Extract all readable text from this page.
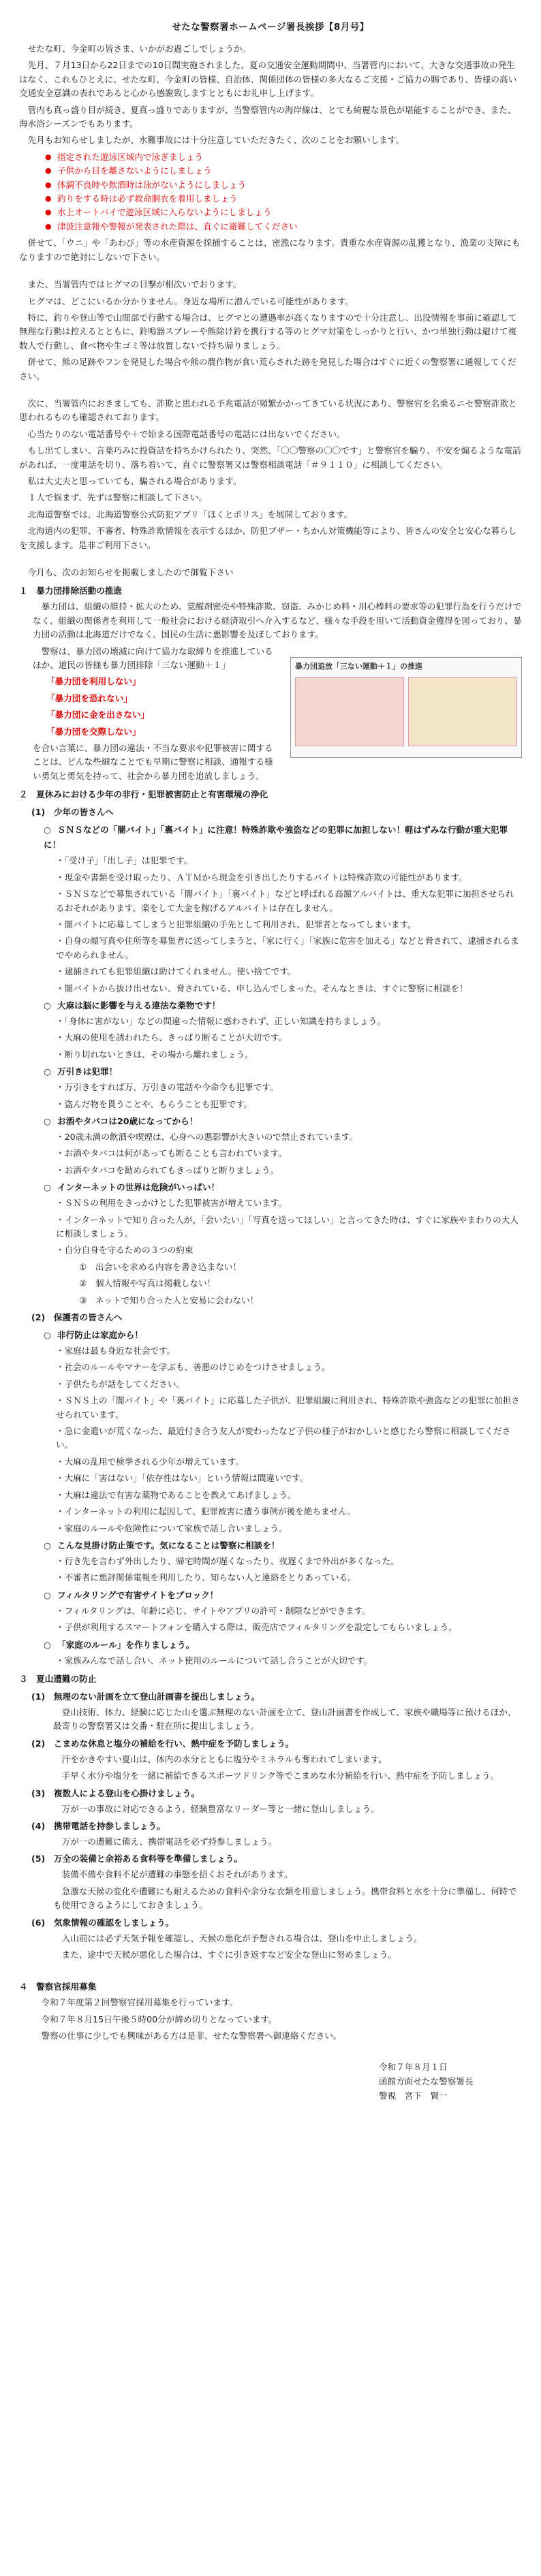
せたな警察署ホームページ署長挨拶【8月号】

せたな町、今金町の皆さま、いかがお過ごしでしょうか。

先月、７月13日から22日までの10日間実施されました、夏の交通安全運動期間中、当署管内において、大きな交通事故の発生はなく、これもひとえに、せたな町、今金町の皆様、自治体、関係団体の皆様の多大なるご支援・ご協力の賜であり、皆様の高い交通安全意識の表れであると心から感謝致しますとともにお礼申し上げます。

管内も真っ盛り目が続き、夏真っ盛りでありますが、当警察管内の海岸線は、とても綺麗な景色が堪能することができ、また、海水浴シーズンでもあります。

先月もお知らせしましたが、水難事故には十分注意していただきたく、次のことをお願いします。

● 指定された遊泳区域内で泳ぎましょう
● 子供から目を離さないようにしましょう
● 体調不良時や飲酒時は泳がないようにしましょう
● 釣りをする時は必ず救命胴衣を着用しましょう
● 水上オートバイで遊泳区域に入らないようにしましょう
● 津波注意報や警報が発表された際は、直ぐに避難してください

併せて、「ウニ」や「あわび」等の水産資源を採捕することは、密漁になります。貴重な水産資源の乱獲となり、漁業の支障にもなりますので絶対にしないで下さい。

また、当署管内ではヒグマの目撃が相次いでおります。

ヒグマは、どこにいるか分かりません。身近な場所に潜んでいる可能性があります。

特に、釣りや登山等で山間部で行動する場合は、ヒグマとの遭遇率が高くなりますので十分注意し、出没情報を事前に確認して無理な行動は控えるとともに、鈴鳴器スプレーや熊除け鈴を携行する等のヒグマ対策をしっかりと行い、かつ単独行動は避けて複数人で行動し、食べ物や生ゴミ等は放置しないで持ち帰りましょう。

併せて、熊の足跡やフンを発見した場合や熊の農作物が食い荒らされた跡を発見した場合はすぐに近くの警察署に通報してください。

次に、当署管内におきましても、詐欺と思われる予兆電話が頻繁かかってきている状況にあり、警察官を名乗るニセ警察詐欺と思われるものも確認されております。

心当たりのない電話番号や＋で始まる国際電話番号の電話には出ないでください。

もし出てしまい、言葉巧みに投資話を持ちかけられたり、突然、「〇〇警察の〇〇です」と警察官を騙り、不安を煽るような電話があれば、一度電話を切り、落ち着いて、直ぐに警察署又は警察相談電話「＃９１１０」に相談してください。

私は大丈夫と思っていても、騙される場合があります。

１人で悩まず、先ずは警察に相談して下さい。

北海道警察では、北海道警察公式防犯アプリ「ほくとポリス」を展開しております。

北海道内の犯罪、不審者、特殊詐欺情報を表示するほか、防犯ブザー・ちかん対策機能等により、皆さんの安全と安心な暮らしを支援します。是非ご利用下さい。

今月も、次のお知らせを掲載しましたので御覧下さい

１　暴力団排除活動の推進

暴力団は、組織の維持・拡大のため、覚醒剤密売や特殊詐欺、窃盗、みかじめ料・用心棒料の要求等の犯罪行為を行うだけでなく、組織の関係者を利用して一般社会における経済取引へ介入するなど、様々な手段を用いて活動資金獲得を図っており、暴力団の活動は北海道だけでなく、国民の生活に悪影響を及ぼしております。

警察は、暴力団の壊滅に向けて協力な取締りを推進しているほか、道民の皆様も暴力団排除「三ない運動＋１」

「暴力団を利用しない」

「暴力団を恐れない」

「暴力団に金を出さない」

「暴力団を交際しない」

を合い言葉に、暴力団の違法・不当な要求や犯罪被害に関することは、どんな些細なことでも早期に警察に相談、通報する様い勇気と勇気を持って、社会から暴力団を追放しましょう。

暴力団追放「三ない運動＋１」の推進
２　夏休みにおける少年の非行・犯罪被害防止と有害環境の浄化
(1)　少年の皆さんへ
○ ＳＮＳなどの「闇バイト」「裏バイト」に注意！特殊詐欺や強盗などの犯罪に加担しない！軽はずみな行動が重大犯罪に！

・「受け子」「出し子」は犯罪です。

・現金や書類を受け取ったり、ＡＴＭから現金を引き出したりするバイトは特殊詐欺の可能性があります。

・ＳＮＳなどで募集されている「闇バイト」「裏バイト」などと呼ばれる高額アルバイトは、重大な犯罪に加担させられるおそれがあります。楽をして大金を稼げるアルバイトは存在しません。

・闇バイトに応募してしまうと犯罪組織の手先として利用され、犯罪者となってしまいます。

・自身の顔写真や住所等を募集者に送ってしまうと、「家に行く」「家族に危害を加える」などと脅されて、逮捕されるまでやめられません。

・逮捕されても犯罪組織は助けてくれません。使い捨てです。

・闇バイトから抜け出せない、脅されている、申し込んでしまった。そんなときは、すぐに警察に相談を！

○ 大麻は脳に影響を与える違法な薬物です！

・「身体に害がない」などの間違った情報に惑わされず、正しい知識を持ちましょう。

・大麻の使用を誘われたら、きっぱり断ることが大切です。

・断り切れないときは、その場から離れましょう。

○ 万引きは犯罪！

・万引きをすれば万、万引きの電話や今命令も犯罪です。

・盗んだ物を貰うことや、もらうことも犯罪です。

○ お酒やタバコは20歳になってから！

・20歳未満の飲酒や喫煙は、心身への悪影響が大きいので禁止されています。

・お酒やタバコは何があっても断ることも言われています。

・お酒やタバコを勧められてもきっぱりと断りましょう。

○ インターネットの世界は危険がいっぱい！

・ＳＮＳの利用をきっかけとした犯罪被害が増えています。

・インターネットで知り合った人が、「会いたい」「写真を送ってほしい」と言ってきた時は、すぐに家族やまわりの大人に相談しましょう。

・自分自身を守るための３つの約束

①　出会いを求める内容を書き込まない！

②　個人情報や写真は掲載しない！

③　ネットで知り合った人と安易に会わない！

(2)　保護者の皆さんへ
○ 非行防止は家庭から！

・家庭は最も身近な社会です。

・社会のルールやマナーを学ぶも、善悪のけじめをつけさせましょう。

・子供たちが話をしてください。

・ＳＮＳ上の「闇バイト」や「裏バイト」に応募した子供が、犯罪組織に利用され、特殊詐欺や強盗などの犯罪に加担させられています。

・急に金遣いが荒くなった、最近付き合う友人が変わったなど子供の様子がおかしいと感じたら警察に相談してください。

・大麻の乱用で検挙される少年が増えています。

・大麻に「害はない」「依存性はない」という情報は間違いです。

・大麻は違法で有害な薬物であることを教えてあげましょう。

・インターネットの利用に起因して、犯罪被害に遭う事例が後を絶ちません。

・家庭のルールや危険性について家族で話し合いましょう。

○ こんな見掛け防止策です。気になることは警察に相談を！

・行き先を言わず外出したり、帰宅時間が遅くなったり、夜遅くまで外出が多くなった。

・不審者に悪評関係電報を利用したり、知らない人と連絡をとりあっている。

○ フィルタリングで有害サイトをブロック！

・フィルタリングは、年齢に応じ、サイトやアプリの許可・制限などができます。

・子供が利用するスマートフォンを購入する際は、販売店でフィルタリングを設定してもらいましょう。

○ 「家庭のルール」を作りましょう。

・家族みんなで話し合い、ネット使用のルールについて話し合うことが大切です。

３　夏山遭難の防止
(1)　無理のない計画を立て登山計画書を提出しましょう。

登山技術、体力、経験に応じた山を選ぶ無理のない計画を立て、登山計画書を作成して、家族や職場等に預けるほか、最寄りの警察署又は交番・駐在所に提出しましょう。

(2)　こまめな休息と塩分の補給を行い、熱中症を予防しましょう。

汗をかきやすい夏山は、体内の水分とともに塩分やミネラルも奪われてしまいます。

手早く水分や塩分を一緒に補給できるスポーツドリンク等でこまめな水分補給を行い、熱中症を予防しましょう。

(3)　複数人による登山を心掛けましょう。

万が一の事故に対応できるよう、経験豊富なリーダー等と一緒に登山しましょう。

(4)　携帯電話を持参しましょう。

万が一の遭難に備え、携帯電話を必ず持参しましょう。

(5)　万全の装備と余裕ある食料等を準備しましょう。

装備不備や食料不足が遭難の事態を招くおそれがあります。

急激な天候の変化や遭難にも耐えるための食料や余分な衣類を用意しましょう。携帯食料と水を十分に準備し、何時でも使用できるようにしておきましょう。

(6)　気象情報の確認をしましょう。

入山前には必ず天気予報を確認し、天候の悪化が予想される場合は、登山を中止しましょう。

また、途中で天候が悪化した場合は、すぐに引き返すなど安全な登山に努めましょう。

４　警察官採用募集

令和７年度第２回警察官採用募集を行っています。

令和７年８月15日午後５時00分が締め切りとなっています。

警察の仕事に少しでも興味がある方は是非、せたな警察署へ御連絡ください。

令和７年８月１日
函館方面せたな警察署長
警視　宮下　賢一
